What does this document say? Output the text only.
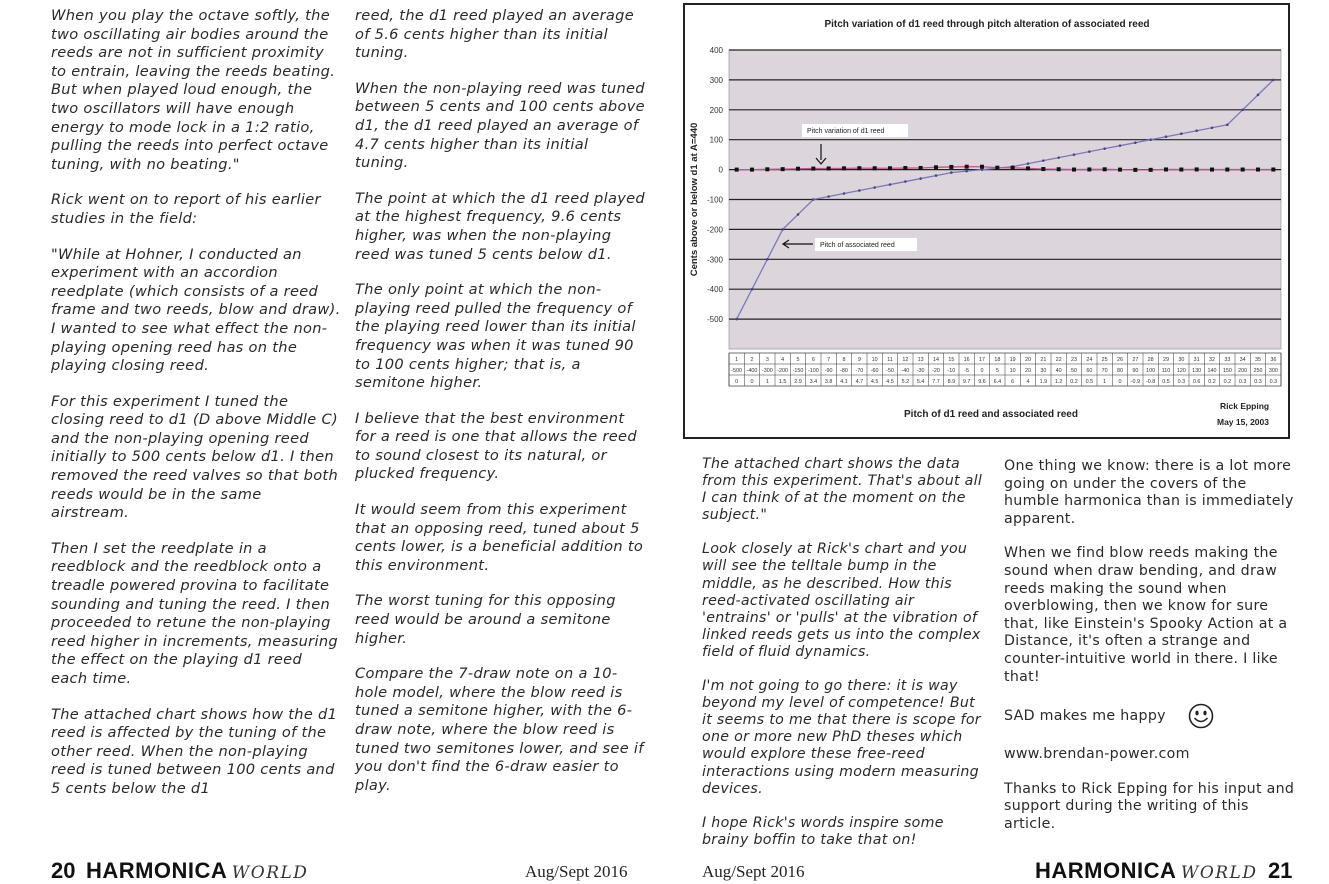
When you play the octave softly, the two oscillating air bodies around the reeds are not in sufficient proximity to entrain, leaving the reeds beating. But when played loud enough, the two oscillators will have enough energy to mode lock in a 1:2 ratio, pulling the reeds into perfect octave tuning, with no beating."

Rick went on to report of his earlier studies in the field:

"While at Hohner, I conducted an experiment with an accordion reedplate (which consists of a reed frame and two reeds, blow and draw). I wanted to see what effect the non-playing opening reed has on the playing closing reed.

For this experiment I tuned the closing reed to d1 (D above Middle C) and the non-playing opening reed initially to 500 cents below d1. I then removed the reed valves so that both reeds would be in the same airstream.

Then I set the reedplate in a reedblock and the reedblock onto a treadle powered provina to facilitate sounding and tuning the reed. I then proceeded to retune the non-playing reed higher in increments, measuring the effect on the playing d1 reed each time.

The attached chart shows how the d1 reed is affected by the tuning of the other reed. When the non-playing reed is tuned between 100 cents and 5 cents below the d1

reed, the d1 reed played an average of 5.6 cents higher than its initial tuning.

When the non-playing reed was tuned between 5 cents and 100 cents above d1, the d1 reed played an average of 4.7 cents higher than its initial tuning.

The point at which the d1 reed played at the highest frequency, 9.6 cents higher, was when the non-playing reed was tuned 5 cents below d1.

The only point at which the non-playing reed pulled the frequency of the playing reed lower than its initial frequency was when it was tuned 90 to 100 cents higher; that is, a semitone higher.

I believe that the best environment for a reed is one that allows the reed to sound closest to its natural, or plucked frequency.

It would seem from this experiment that an opposing reed, tuned about 5 cents lower, is a beneficial addition to this environment.

The worst tuning for this opposing reed would be around a semitone higher.

Compare the 7-draw note on a 10-hole model, where the blow reed is tuned a semitone higher, with the 6-draw note, where the blow reed is tuned two semitones lower, and see if you don't find the 6-draw easier to play.

Pitch variation of d1 reed through pitch alteration of associated reed
400
300
200
100
0
-100
-200
-300
-400
-500
Cents above or below d1 at A=440	Pitch variation of d1 reed
Pitch of associated reed
1 2 3 4 5 6 7 8 9 10 11 12 13 14 15 16 17 18 19 20 21 22 23 24 25 26 27 28 29 30 31 32 33 34 35 36
-500 -400 -300 -200 -150 -100 -90 -80 -70 -60 -50 -40 -30 -20 -10 -5 0 5 10 20 30 40 50 60 70 80 90 100 110 120 130 140 150 200 250 300
0 0 1 1.5 2.9 3.4 3.8 4.1 4.7 4.5 4.5 5.2 5.4 7.7 8.9 9.7 9.6 6.4 6 4 1.9 1.2 0.2 0.5 1 0 -0.9 -0.8 0.5 0.3 0.6 0.2 0.2 0.3 0.3 0.3
Pitch of d1 reed and associated reed
Rick Epping
May 15, 2003

The attached chart shows the data from this experiment. That's about all I can think of at the moment on the subject."

Look closely at Rick's chart and you will see the telltale bump in the middle, as he described. How this reed-activated oscillating air 'entrains' or 'pulls' at the vibration of linked reeds gets us into the complex field of fluid dynamics.

I'm not going to go there: it is way beyond my level of competence! But it seems to me that there is scope for one or more new PhD theses which would explore these free-reed interactions using modern measuring devices.

I hope Rick's words inspire some brainy boffin to take that on!

One thing we know: there is a lot more going on under the covers of the humble harmonica than is immediately apparent.

When we find blow reeds making the sound when draw bending, and draw reeds making the sound when overblowing, then we know for sure that, like Einstein's Spooky Action at a Distance, it's often a strange and counter-intuitive world in there. I like that!

SAD makes me happy

www.brendan-power.com

Thanks to Rick Epping for his input and support during the writing of this article.

20 HARMONICA WORLD	Aug/Sept 2016	Aug/Sept 2016	HARMONICA WORLD 21
